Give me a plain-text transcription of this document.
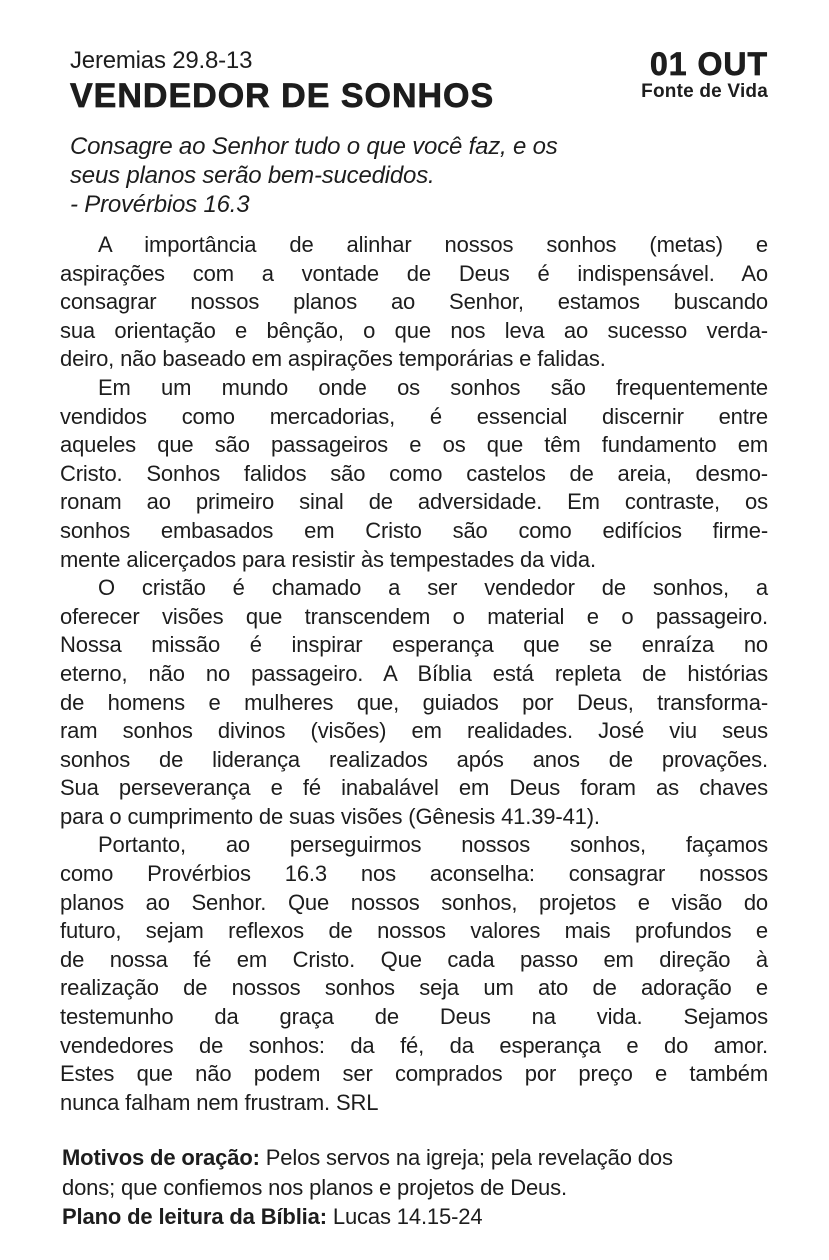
Jeremias 29.8-13
VENDEDOR DE SONHOS
01 OUT
Fonte de Vida
Consagre ao Senhor tudo o que você faz, e os
seus planos serão bem-sucedidos.
- Provérbios 16.3
A importância de alinhar nossos sonhos (metas) e
aspirações com a vontade de Deus é indispensável. Ao
consagrar nossos planos ao Senhor, estamos buscando
sua orientação e bênção, o que nos leva ao sucesso verda-
deiro, não baseado em aspirações temporárias e falidas.
Em um mundo onde os sonhos são frequentemente
vendidos como mercadorias, é essencial discernir entre
aqueles que são passageiros e os que têm fundamento em
Cristo. Sonhos falidos são como castelos de areia, desmo-
ronam ao primeiro sinal de adversidade. Em contraste, os
sonhos embasados em Cristo são como edifícios firme-
mente alicerçados para resistir às tempestades da vida.
O cristão é chamado a ser vendedor de sonhos, a
oferecer visões que transcendem o material e o passageiro.
Nossa missão é inspirar esperança que se enraíza no
eterno, não no passageiro. A Bíblia está repleta de histórias
de homens e mulheres que, guiados por Deus, transforma-
ram sonhos divinos (visões) em realidades. José viu seus
sonhos de liderança realizados após anos de provações.
Sua perseverança e fé inabalável em Deus foram as chaves
para o cumprimento de suas visões (Gênesis 41.39-41).
Portanto, ao perseguirmos nossos sonhos, façamos
como Provérbios 16.3 nos aconselha: consagrar nossos
planos ao Senhor. Que nossos sonhos, projetos e visão do
futuro, sejam reflexos de nossos valores mais profundos e
de nossa fé em Cristo. Que cada passo em direção à
realização de nossos sonhos seja um ato de adoração e
testemunho da graça de Deus na vida. Sejamos
vendedores de sonhos: da fé, da esperança e do amor.
Estes que não podem ser comprados por preço e também
nunca falham nem frustram. SRL
Motivos de oração: Pelos servos na igreja; pela revelação dos
dons; que confiemos nos planos e projetos de Deus.
Plano de leitura da Bíblia: Lucas 14.15-24
